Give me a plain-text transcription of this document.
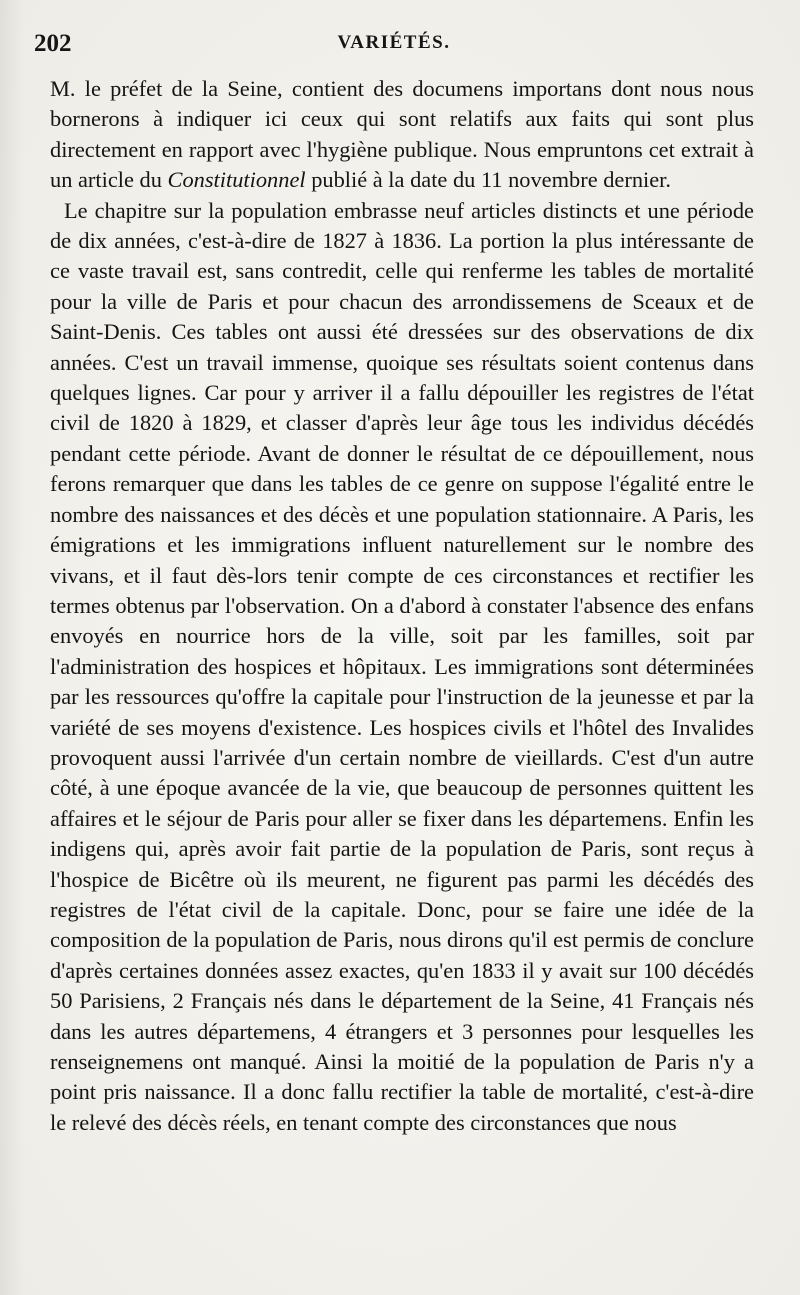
202	VARIÉTÉS.

M. le préfet de la Seine, contient des documens importans dont nous nous bornerons à indiquer ici ceux qui sont relatifs aux faits qui sont plus directement en rapport avec l'hygiène publique. Nous empruntons cet extrait à un article du Constitutionnel publié à la date du 11 novembre dernier.

Le chapitre sur la population embrasse neuf articles distincts et une période de dix années, c'est-à-dire de 1827 à 1836. La portion la plus intéressante de ce vaste travail est, sans contredit, celle qui renferme les tables de mortalité pour la ville de Paris et pour chacun des arrondissemens de Sceaux et de Saint-Denis. Ces tables ont aussi été dressées sur des observations de dix années. C'est un travail immense, quoique ses résultats soient contenus dans quelques lignes. Car pour y arriver il a fallu dépouiller les registres de l'état civil de 1820 à 1829, et classer d'après leur âge tous les individus décédés pendant cette période. Avant de donner le résultat de ce dépouillement, nous ferons remarquer que dans les tables de ce genre on suppose l'égalité entre le nombre des naissances et des décès et une population stationnaire. A Paris, les émigrations et les immigrations influent naturellement sur le nombre des vivans, et il faut dès-lors tenir compte de ces circonstances et rectifier les termes obtenus par l'observation. On a d'abord à constater l'absence des enfans envoyés en nourrice hors de la ville, soit par les familles, soit par l'administration des hospices et hôpitaux. Les immigrations sont déterminées par les ressources qu'offre la capitale pour l'instruction de la jeunesse et par la variété de ses moyens d'existence. Les hospices civils et l'hôtel des Invalides provoquent aussi l'arrivée d'un certain nombre de vieillards. C'est d'un autre côté, à une époque avancée de la vie, que beaucoup de personnes quittent les affaires et le séjour de Paris pour aller se fixer dans les départemens. Enfin les indigens qui, après avoir fait partie de la population de Paris, sont reçus à l'hospice de Bicêtre où ils meurent, ne figurent pas parmi les décédés des registres de l'état civil de la capitale. Donc, pour se faire une idée de la composition de la population de Paris, nous dirons qu'il est permis de conclure d'après certaines données assez exactes, qu'en 1833 il y avait sur 100 décédés 50 Parisiens, 2 Français nés dans le département de la Seine, 41 Français nés dans les autres départemens, 4 étrangers et 3 personnes pour lesquelles les renseignemens ont manqué. Ainsi la moitié de la population de Paris n'y a point pris naissance. Il a donc fallu rectifier la table de mortalité, c'est-à-dire le relevé des décès réels, en tenant compte des circonstances que nous
